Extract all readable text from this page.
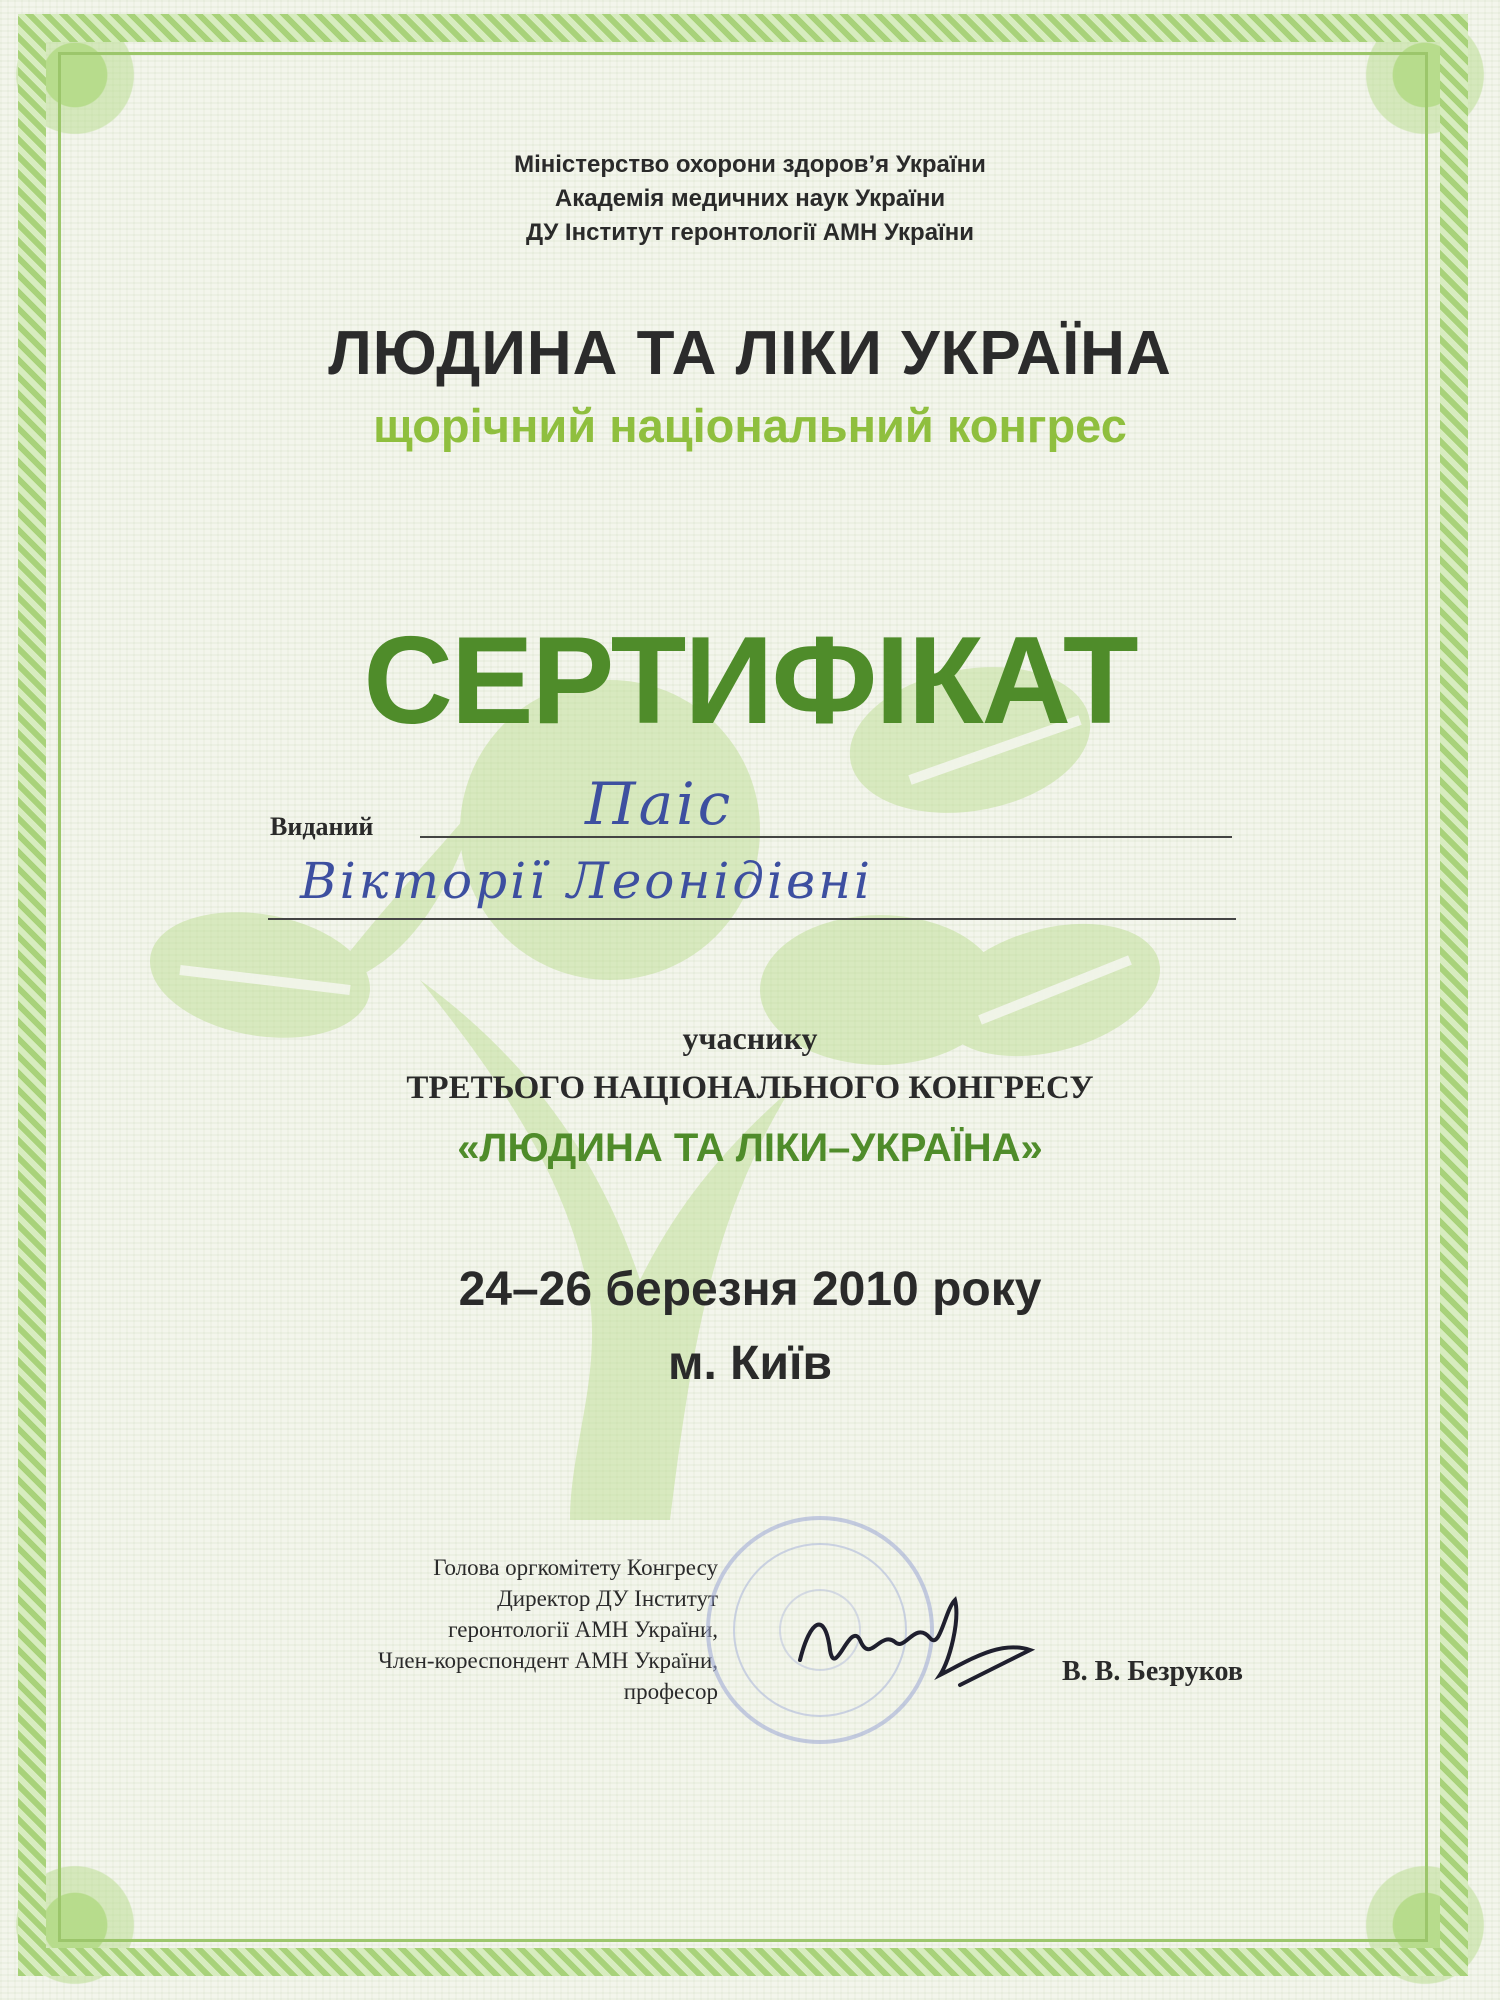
Міністерство охорони здоров’я України
Академія медичних наук України
ДУ Інститут геронтології АМН України
ЛЮДИНА ТА ЛІКИ УКРАЇНА
щорічний національний конгрес
СЕРТИФІКАТ
Виданий	Паіс
Вікторії Леонідівні
учаснику
ТРЕТЬОГО НАЦІОНАЛЬНОГО КОНГРЕСУ
«ЛЮДИНА ТА ЛІКИ–УКРАЇНА»
24–26 березня 2010 року
м. Київ
Голова оргкомітету Конгресу
Директор ДУ Інститут
геронтології АМН України,
Член-кореспондент АМН України,
професор
В. В. Безруков
